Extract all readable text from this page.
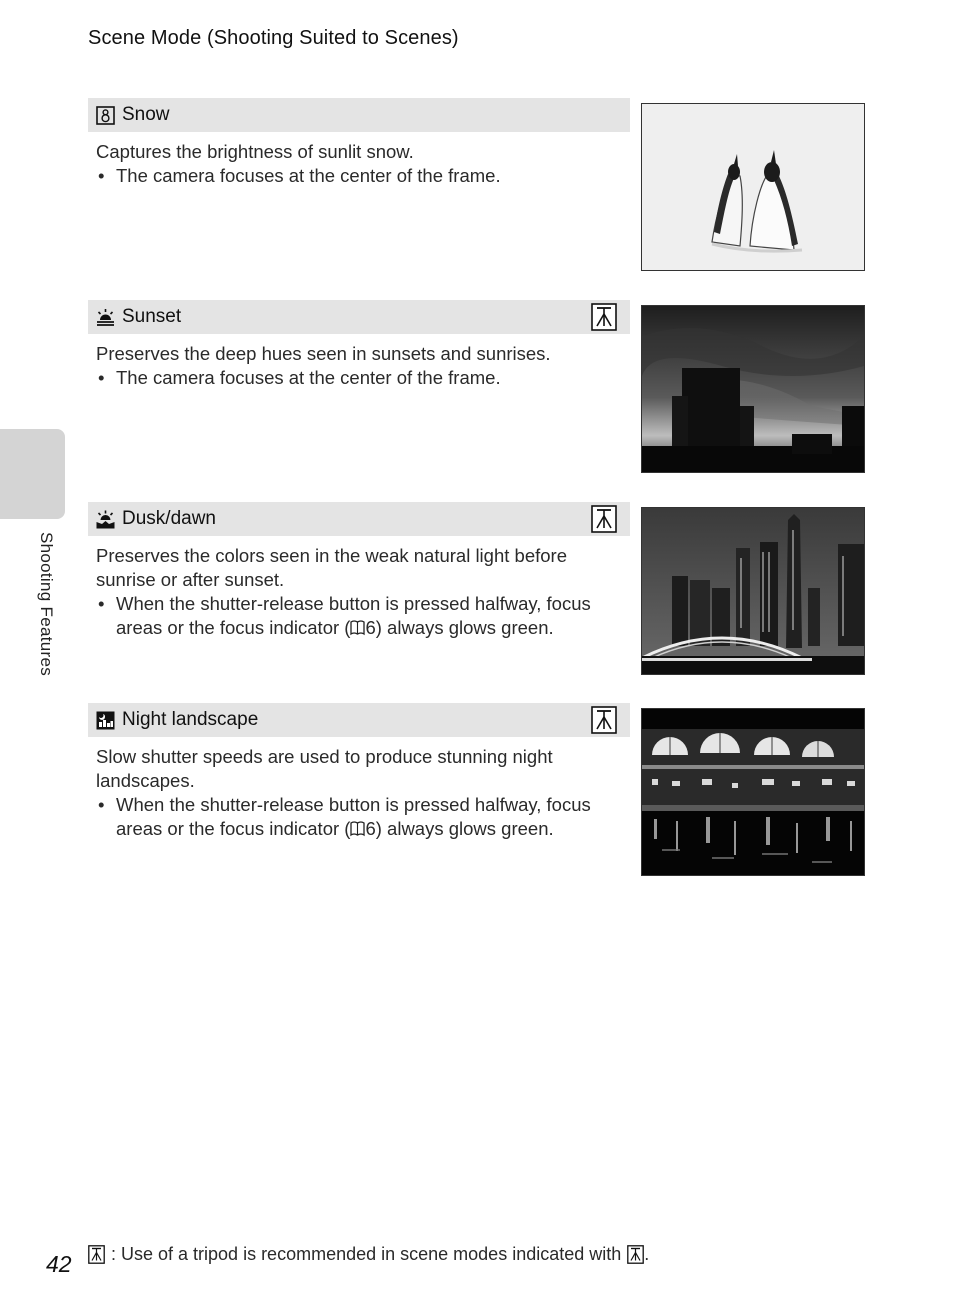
Scene Mode (Shooting Suited to Scenes)
Shooting Features
Snow

Captures the brightness of sunlit snow.

• The camera focuses at the center of the frame.

Sunset

Preserves the deep hues seen in sunsets and sunrises.

• The camera focuses at the center of the frame.

Dusk/dawn

Preserves the colors seen in the weak natural light before sunrise or after sunset.

• When the shutter-release button is pressed halfway, focus areas or the focus indicator ( 6) always glows green.

Night landscape

Slow shutter speeds are used to produce stunning night landscapes.

• When the shutter-release button is pressed halfway, focus areas or the focus indicator ( 6) always glows green.

42 : Use of a tripod is recommended in scene modes indicated with .
